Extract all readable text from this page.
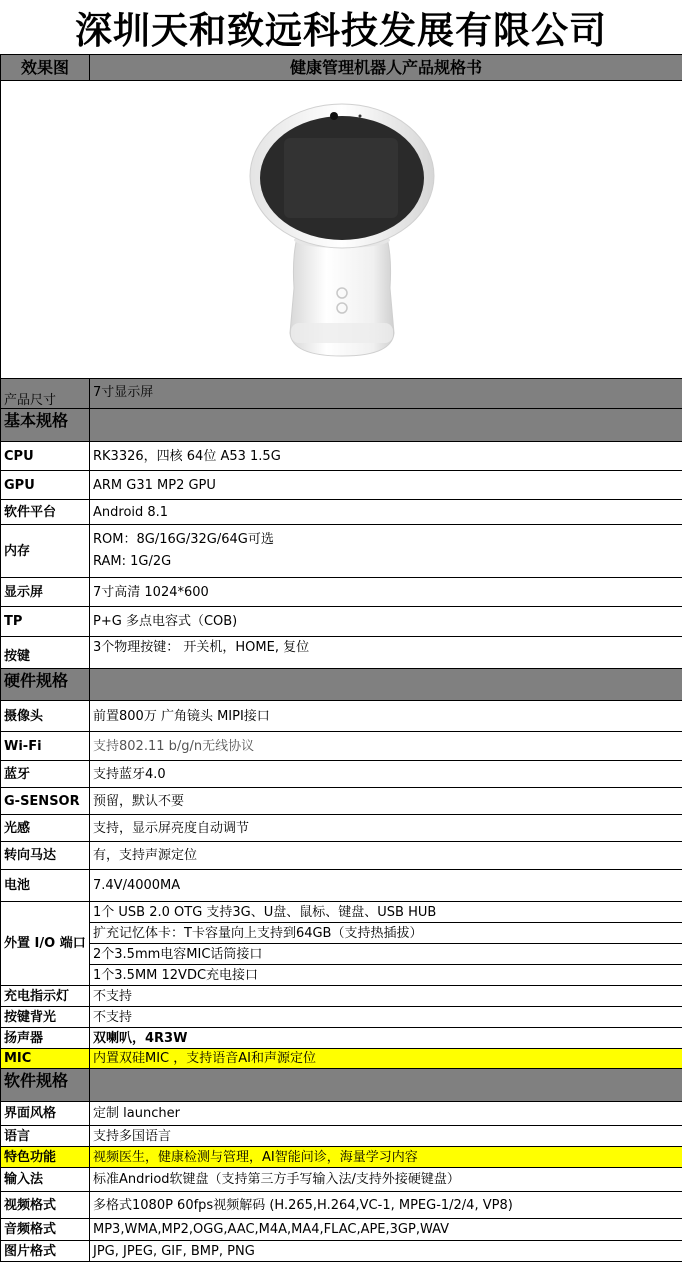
深圳天和致远科技发展有限公司
效果图	健康管理机器人产品规格书

产品尺寸	7寸显示屏
基本规格	
CPU	RK3326，四核 64位 A53 1.5G
GPU	ARM G31 MP2 GPU
软件平台	Android 8.1
内存	ROM：8G/16G/32G/64G可选
RAM: 1G/2G

显示屏	7寸高清 1024*600
TP	P+G 多点电容式（COB)
按键	3个物理按键： 开关机，HOME, 复位
硬件规格	
摄像头	前置800万 广角镜头 MIPI接口
Wi-Fi	支持802.11 b/g/n无线协议
蓝牙	支持蓝牙4.0
G-SENSOR	预留，默认不要
光感	支持，显示屏亮度自动调节
转向马达	有，支持声源定位
电池	7.4V/4000MA
外置 I/O 端口	1个 USB 2.0 OTG 支持3G、U盘、鼠标、键盘、USB HUB
扩充记忆体卡：T卡容量向上支持到64GB（支持热插拔）
2个3.5mm电容MIC话筒接口
1个3.5MM 12VDC充电接口

充电指示灯	不支持
按键背光	不支持
扬声器	双喇叭，4R3W
MIC	内置双硅MIC ，支持语音AI和声源定位
软件规格	
界面风格	定制 launcher
语言	支持多国语言
特色功能	视频医生，健康检测与管理，AI智能问诊，海量学习内容
输入法	标准Andriod软键盘（支持第三方手写输入法/支持外接硬键盘）
视频格式	多格式1080P 60fps视频解码 (H.265,H.264,VC-1, MPEG-1/2/4, VP8)
音频格式	MP3,WMA,MP2,OGG,AAC,M4A,MA4,FLAC,APE,3GP,WAV
图片格式	JPG, JPEG, GIF, BMP, PNG
